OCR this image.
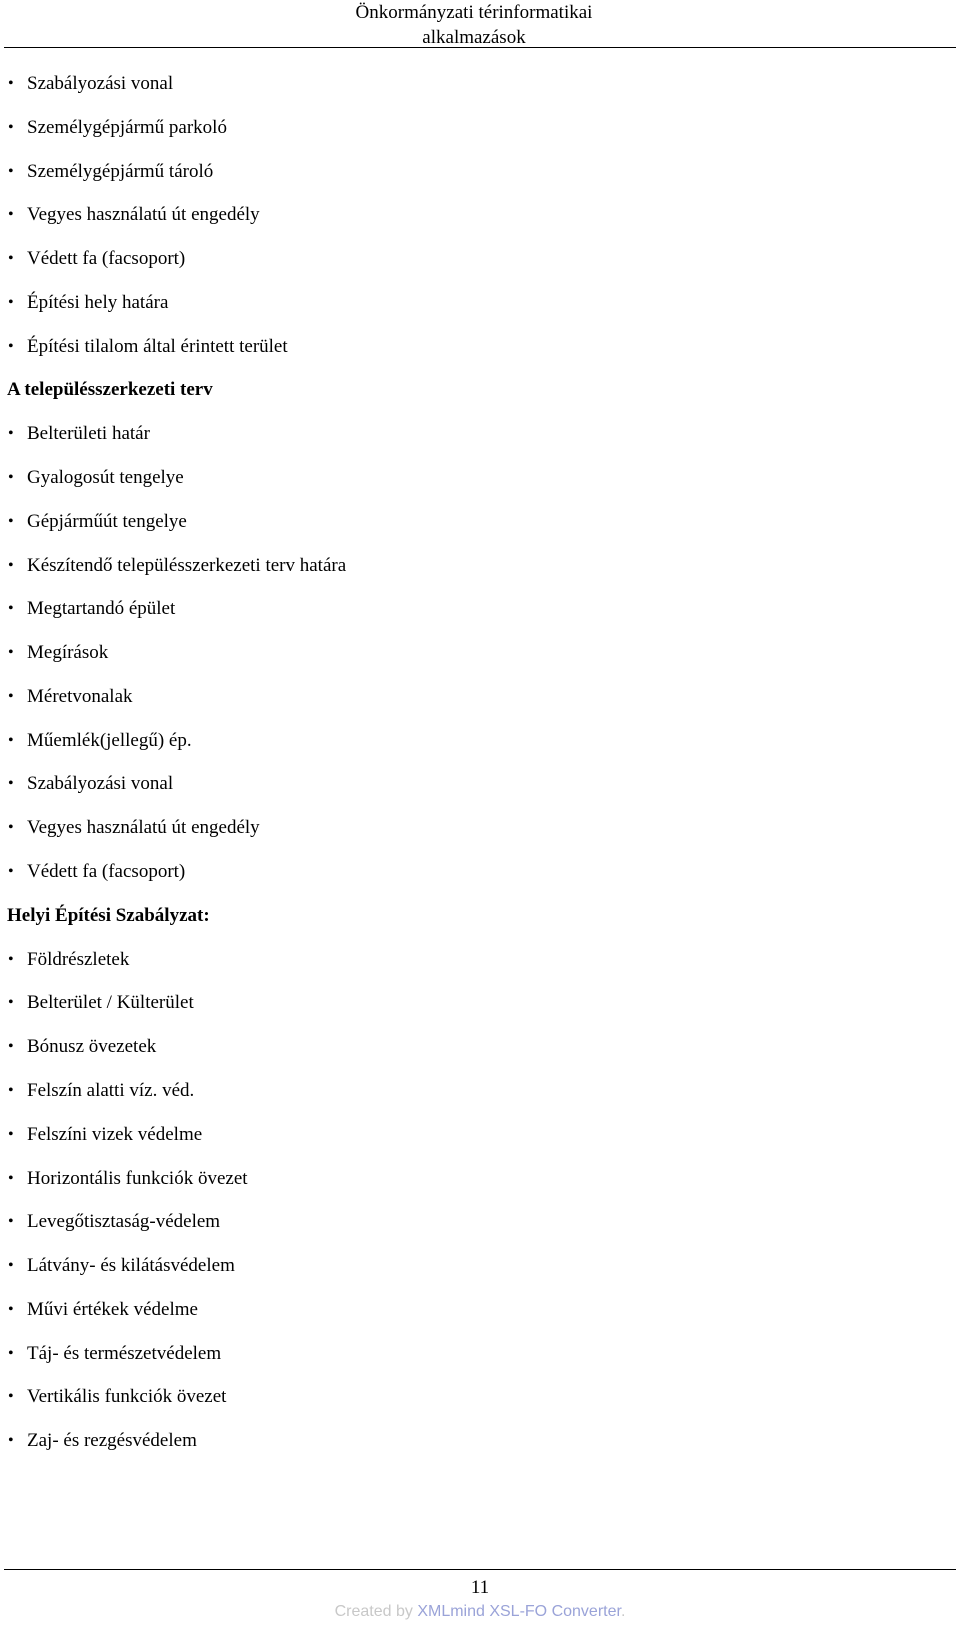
Önkormányzati térinformatikai
alkalmazások
• Szabályozási vonal
• Személygépjármű parkoló
• Személygépjármű tároló
• Vegyes használatú út engedély
• Védett fa (facsoport)
• Építési hely határa
• Építési tilalom által érintett terület
A településszerkezeti terv
• Belterületi határ
• Gyalogosút tengelye
• Gépjárműút tengelye
• Készítendő településszerkezeti terv határa
• Megtartandó épület
• Megírások
• Méretvonalak
• Műemlék(jellegű) ép.
• Szabályozási vonal
• Vegyes használatú út engedély
• Védett fa (facsoport)
Helyi Építési Szabályzat:
• Földrészletek
• Belterület / Külterület
• Bónusz övezetek
• Felszín alatti víz. véd.
• Felszíni vizek védelme
• Horizontális funkciók övezet
• Levegőtisztaság-védelem
• Látvány- és kilátásvédelem
• Művi értékek védelme
• Táj- és természetvédelem
• Vertikális funkciók övezet
• Zaj- és rezgésvédelem
11
Created by XMLmind XSL-FO Converter.
